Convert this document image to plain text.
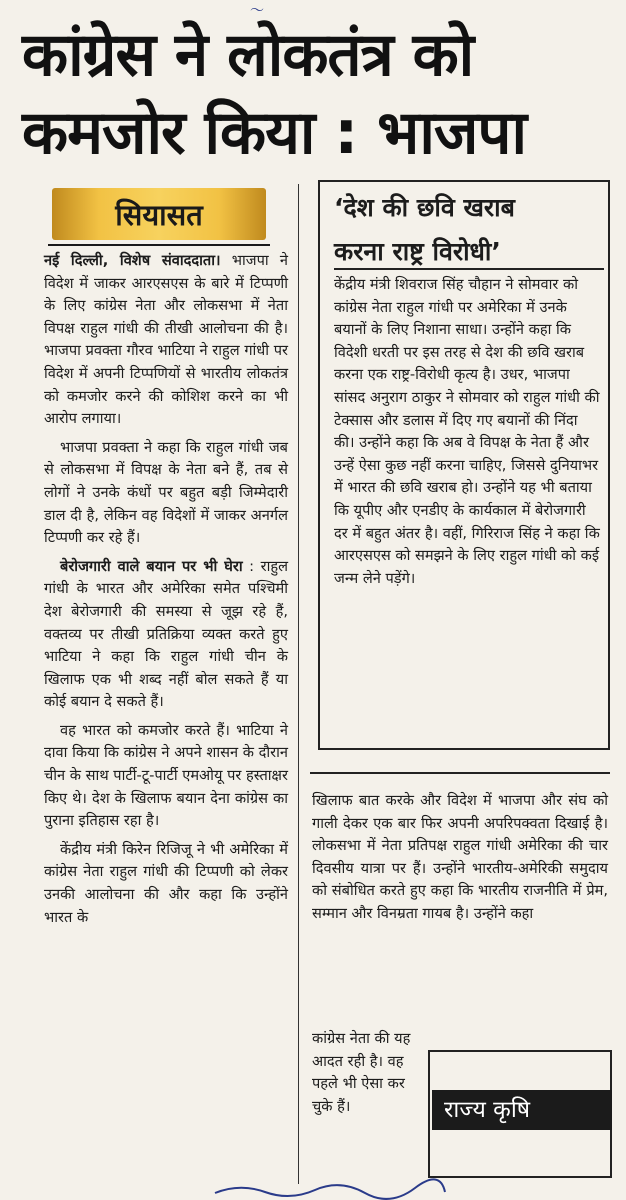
〜
कांग्रेस ने लोकतंत्र को
कमजोर किया : भाजपा
सियासत

नई दिल्ली, विशेष संवाददाता। भाजपा ने विदेश में जाकर आरएसएस के बारे में टिप्पणी के लिए कांग्रेस नेता और लोकसभा में नेता विपक्ष राहुल गांधी की तीखी आलोचना की है। भाजपा प्रवक्ता गौरव भाटिया ने राहुल गांधी पर विदेश में अपनी टिप्पणियों से भारतीय लोकतंत्र को कमजोर करने की कोशिश करने का भी आरोप लगाया।

भाजपा प्रवक्ता ने कहा कि राहुल गांधी जब से लोकसभा में विपक्ष के नेता बने हैं, तब से लोगों ने उनके कंधों पर बहुत बड़ी जिम्मेदारी डाल दी है, लेकिन वह विदेशों में जाकर अनर्गल टिप्पणी कर रहे हैं।

बेरोजगारी वाले बयान पर भी घेरा : राहुल गांधी के भारत और अमेरिका समेत पश्चिमी देश बेरोजगारी की समस्या से जूझ रहे हैं, वक्तव्य पर तीखी प्रतिक्रिया व्यक्त करते हुए भाटिया ने कहा कि राहुल गांधी चीन के खिलाफ एक भी शब्द नहीं बोल सकते हैं या कोई बयान दे सकते हैं।

वह भारत को कमजोर करते हैं। भाटिया ने दावा किया कि कांग्रेस ने अपने शासन के दौरान चीन के साथ पार्टी-टू-पार्टी एमओयू पर हस्ताक्षर किए थे। देश के खिलाफ बयान देना कांग्रेस का पुराना इतिहास रहा है।

केंद्रीय मंत्री किरेन रिजिजू ने भी अमेरिका में कांग्रेस नेता राहुल गांधी की टिप्पणी को लेकर उनकी आलोचना की और कहा कि उन्होंने भारत के

‘देश की छवि खराब
करना राष्ट्र विरोधी’

केंद्रीय मंत्री शिवराज सिंह चौहान ने सोमवार को कांग्रेस नेता राहुल गांधी पर अमेरिका में उनके बयानों के लिए निशाना साधा। उन्होंने कहा कि विदेशी धरती पर इस तरह से देश की छवि खराब करना एक राष्ट्र-विरोधी कृत्य है। उधर, भाजपा सांसद अनुराग ठाकुर ने सोमवार को राहुल गांधी की टेक्सास और डलास में दिए गए बयानों की निंदा की। उन्होंने कहा कि अब वे विपक्ष के नेता हैं और उन्हें ऐसा कुछ नहीं करना चाहिए, जिससे दुनियाभर में भारत की छवि खराब हो। उन्होंने यह भी बताया कि यूपीए और एनडीए के कार्यकाल में बेरोजगारी दर में बहुत अंतर है। वहीं, गिरिराज सिंह ने कहा कि आरएसएस को समझने के लिए राहुल गांधी को कई जन्म लेने पड़ेंगे।

खिलाफ बात करके और विदेश में भाजपा और संघ को गाली देकर एक बार फिर अपनी अपरिपक्वता दिखाई है। लोकसभा में नेता प्रतिपक्ष राहुल गांधी अमेरिका की चार दिवसीय यात्रा पर हैं। उन्होंने भारतीय-अमेरिकी समुदाय को संबोधित करते हुए कहा कि भारतीय राजनीति में प्रेम, सम्मान और विनम्रता गायब है। उन्होंने कहा

कांग्रेस नेता की यह आदत रही है। वह पहले भी ऐसा कर चुके हैं।	राज्य कृषि
